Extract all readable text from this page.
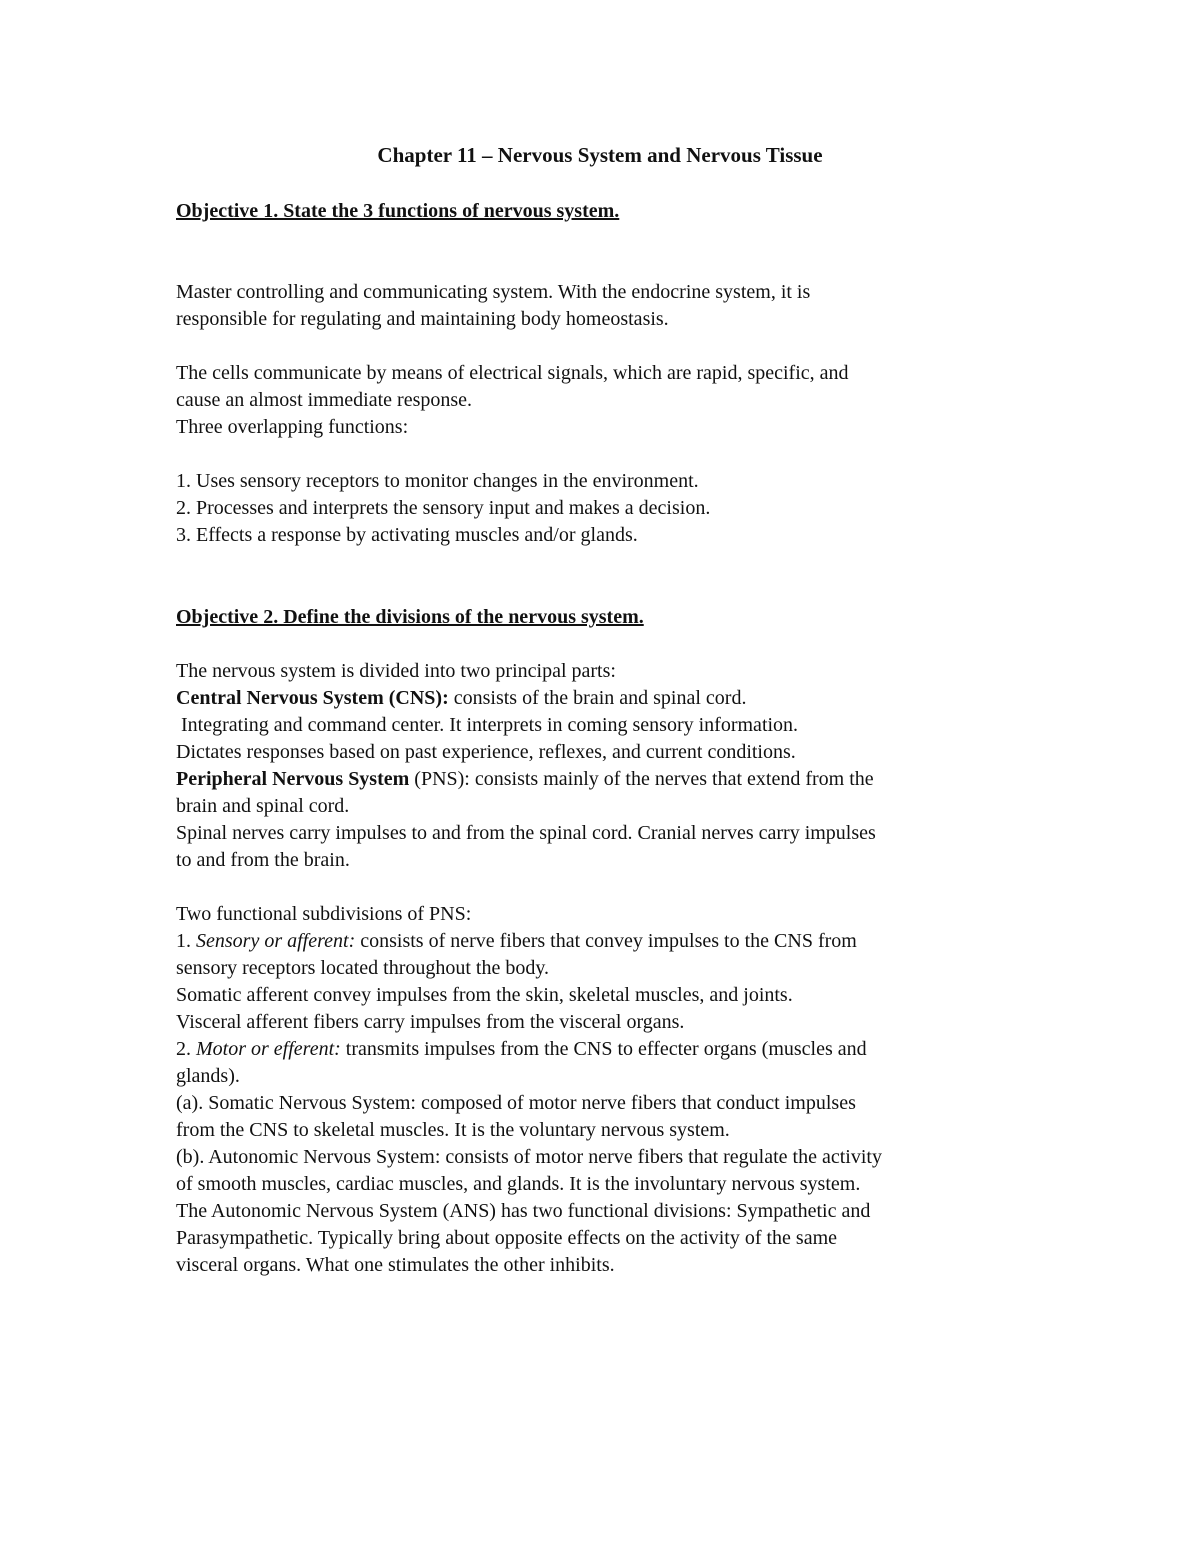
Chapter 11 – Nervous System and Nervous Tissue

Objective 1. State the 3 functions of nervous system.

Master controlling and communicating system. With the endocrine system, it is

responsible for regulating and maintaining body homeostasis.

The cells communicate by means of electrical signals, which are rapid, specific, and

cause an almost immediate response.

Three overlapping functions:

1. Uses sensory receptors to monitor changes in the environment.

2. Processes and interprets the sensory input and makes a decision.

3. Effects a response by activating muscles and/or glands.

Objective 2. Define the divisions of the nervous system.

The nervous system is divided into two principal parts:

Central Nervous System (CNS): consists of the brain and spinal cord.

Integrating and command center. It interprets in coming sensory information.

Dictates responses based on past experience, reflexes, and current conditions.

Peripheral Nervous System (PNS): consists mainly of the nerves that extend from the

brain and spinal cord.

Spinal nerves carry impulses to and from the spinal cord. Cranial nerves carry impulses

to and from the brain.

Two functional subdivisions of PNS:

1. Sensory or afferent: consists of nerve fibers that convey impulses to the CNS from

sensory receptors located throughout the body.

Somatic afferent convey impulses from the skin, skeletal muscles, and joints.

Visceral afferent fibers carry impulses from the visceral organs.

2. Motor or efferent: transmits impulses from the CNS to effecter organs (muscles and

glands).

(a). Somatic Nervous System: composed of motor nerve fibers that conduct impulses

from the CNS to skeletal muscles. It is the voluntary nervous system.

(b). Autonomic Nervous System: consists of motor nerve fibers that regulate the activity

of smooth muscles, cardiac muscles, and glands. It is the involuntary nervous system.

The Autonomic Nervous System (ANS) has two functional divisions: Sympathetic and

Parasympathetic. Typically bring about opposite effects on the activity of the same

visceral organs. What one stimulates the other inhibits.
